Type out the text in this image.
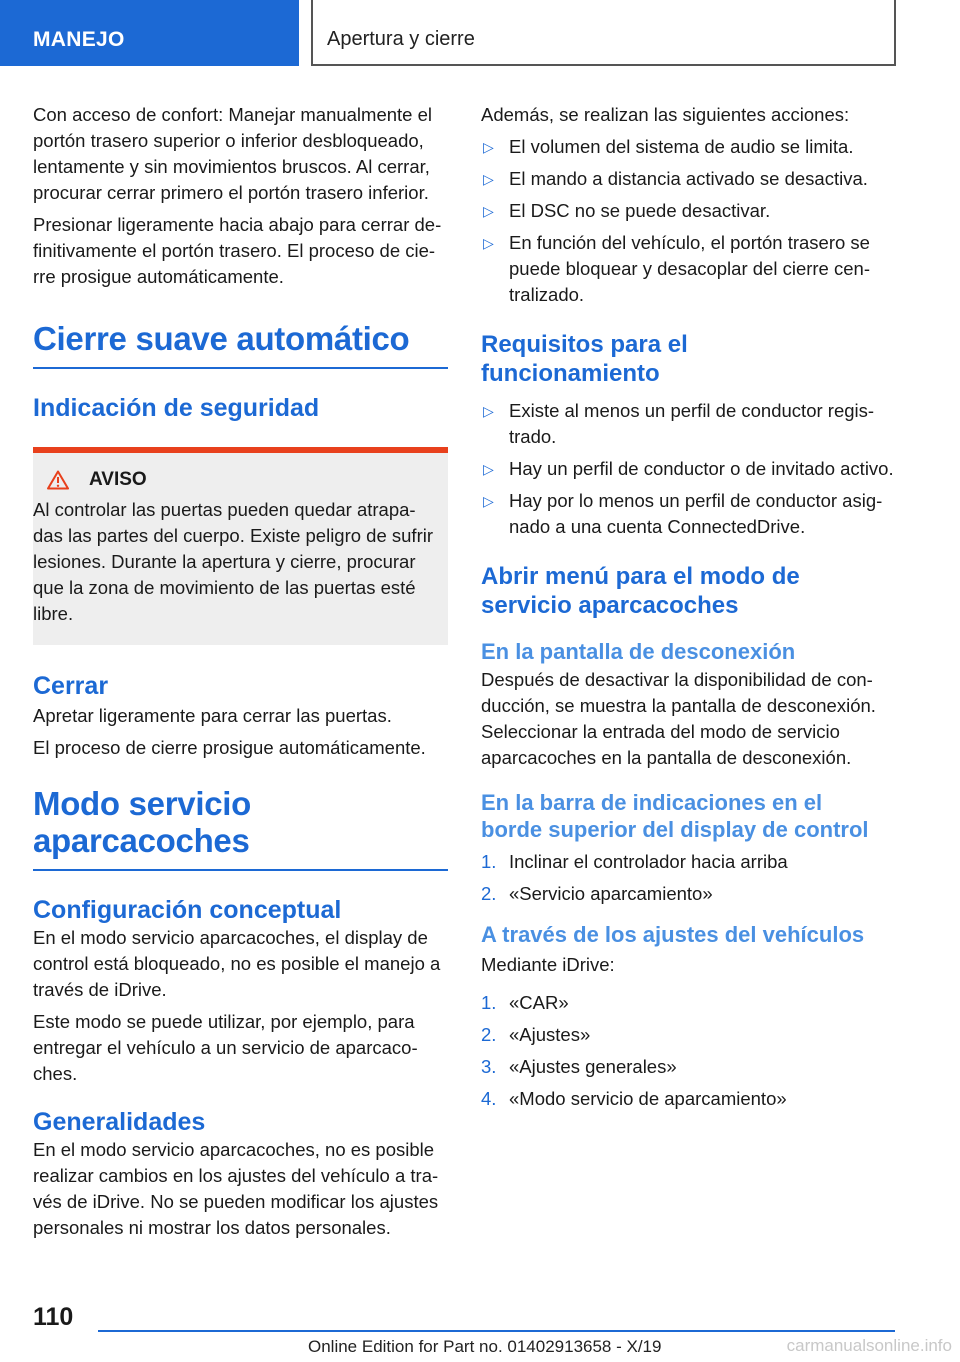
MANEJO	Apertura y cierre

Con acceso de confort: Manejar manualmente el portón trasero superior o inferior desbloqueado, lentamente y sin movimientos bruscos. Al cerrar, procurar cerrar primero el portón trasero inferior.

Presionar ligeramente hacia abajo para cerrar definitivamente el portón trasero. El proceso de cierre prosigue automáticamente.

Cierre suave automático
Indicación de seguridad
AVISO

Al controlar las puertas pueden quedar atrapadas las partes del cuerpo. Existe peligro de sufrir lesiones. Durante la apertura y cierre, procurar que la zona de movimiento de las puertas esté libre.

Cerrar

Apretar ligeramente para cerrar las puertas.

El proceso de cierre prosigue automáticamente.

Modo servicio aparcacoches
Configuración conceptual

En el modo servicio aparcacoches, el display de control está bloqueado, no es posible el manejo a través de iDrive.

Este modo se puede utilizar, por ejemplo, para entregar el vehículo a un servicio de aparcacoches.

Generalidades

En el modo servicio aparcacoches, no es posible realizar cambios en los ajustes del vehículo a través de iDrive. No se pueden modificar los ajustes personales ni mostrar los datos personales.

Además, se realizan las siguientes acciones:

▷ El volumen del sistema de audio se limita.
▷ El mando a distancia activado se desactiva.
▷ El DSC no se puede desactivar.
▷ En función del vehículo, el portón trasero se puede bloquear y desacoplar del cierre centralizado.
Requisitos para el funcionamiento
▷ Existe al menos un perfil de conductor registrado.
▷ Hay un perfil de conductor o de invitado activo.
▷ Hay por lo menos un perfil de conductor asignado a una cuenta ConnectedDrive.
Abrir menú para el modo de servicio aparcacoches
En la pantalla de desconexión

Después de desactivar la disponibilidad de conducción, se muestra la pantalla de desconexión. Seleccionar la entrada del modo de servicio aparcacoches en la pantalla de desconexión.

En la barra de indicaciones en el borde superior del display de control
1. Inclinar el controlador hacia arriba
2. «Servicio aparcamiento»
A través de los ajustes del vehículos

Mediante iDrive:

1. «CAR»
2. «Ajustes»
3. «Ajustes generales»
4. «Modo servicio de aparcamiento»
110
Online Edition for Part no. 01402913658 - X/19	carmanualsonline.info
